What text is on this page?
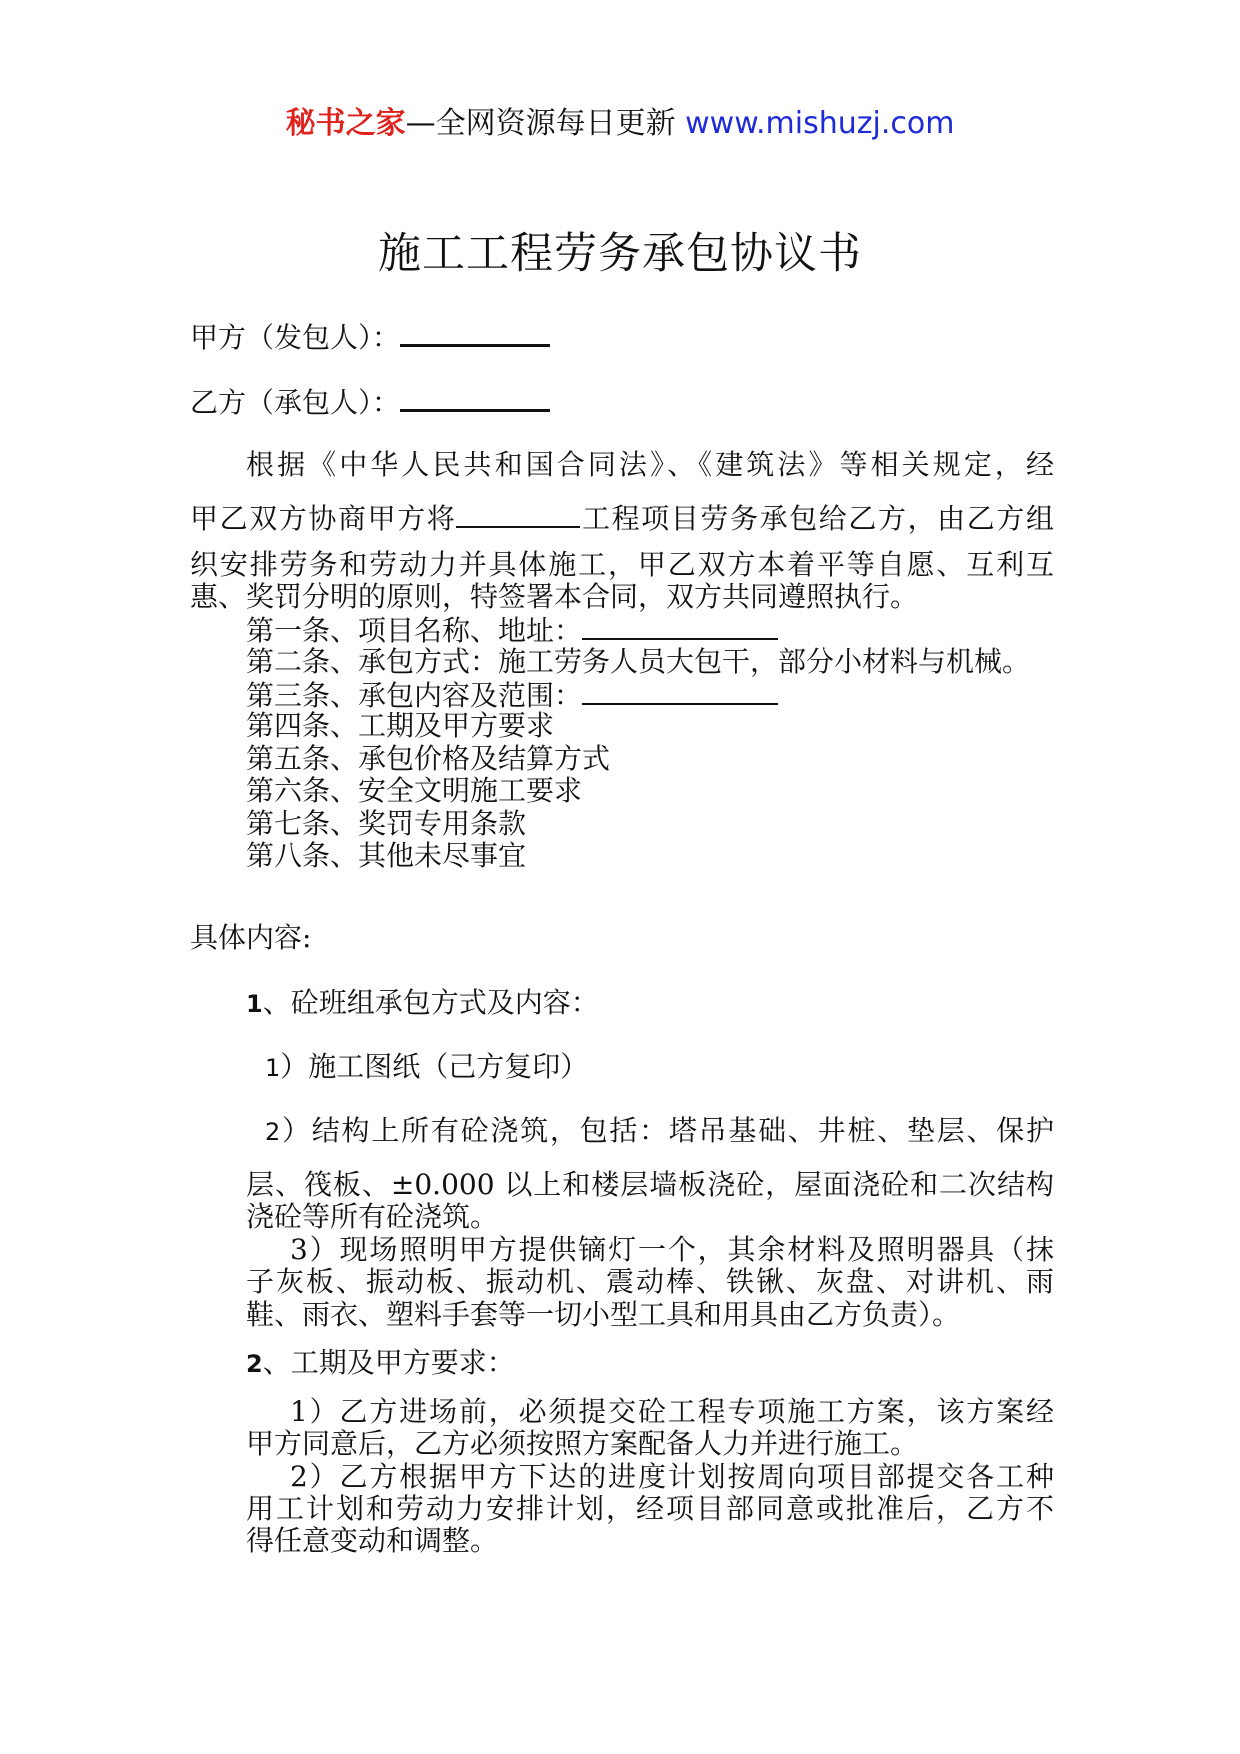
秘书之家—全网资源每日更新 www.mishuzj.com
施工工程劳务承包协议书
甲方（发包人）：
乙方（承包人）：
根据《中华人民共和国合同法》、《建筑法》等相关规定，经
甲乙双方协商甲方将	工程项目劳务承包给乙方，由乙方组
织安排劳务和劳动力并具体施工，甲乙双方本着平等自愿、互利互
惠、奖罚分明的原则，特签署本合同，双方共同遵照执行。
第一条、项目名称、地址：
第二条、承包方式：施工劳务人员大包干，部分小材料与机械。
第三条、承包内容及范围：
第四条、工期及甲方要求
第五条、承包价格及结算方式
第六条、安全文明施工要求
第七条、奖罚专用条款
第八条、其他未尽事宜
具体内容:
1、砼班组承包方式及内容：
1）施工图纸（己方复印）
2）结构上所有砼浇筑，包括：塔吊基础、井桩、垫层、保护
层、筏板、±0.000 以上和楼层墙板浇砼，屋面浇砼和二次结构
浇砼等所有砼浇筑。
3）现场照明甲方提供镝灯一个，其余材料及照明器具（抹
子灰板、振动板、振动机、震动棒、铁锹、灰盘、对讲机、雨
鞋、雨衣、塑料手套等一切小型工具和用具由乙方负责）。
2、工期及甲方要求：
1）乙方进场前，必须提交砼工程专项施工方案，该方案经
甲方同意后，乙方必须按照方案配备人力并进行施工。
2）乙方根据甲方下达的进度计划按周向项目部提交各工种
用工计划和劳动力安排计划，经项目部同意或批准后，乙方不
得任意变动和调整。
